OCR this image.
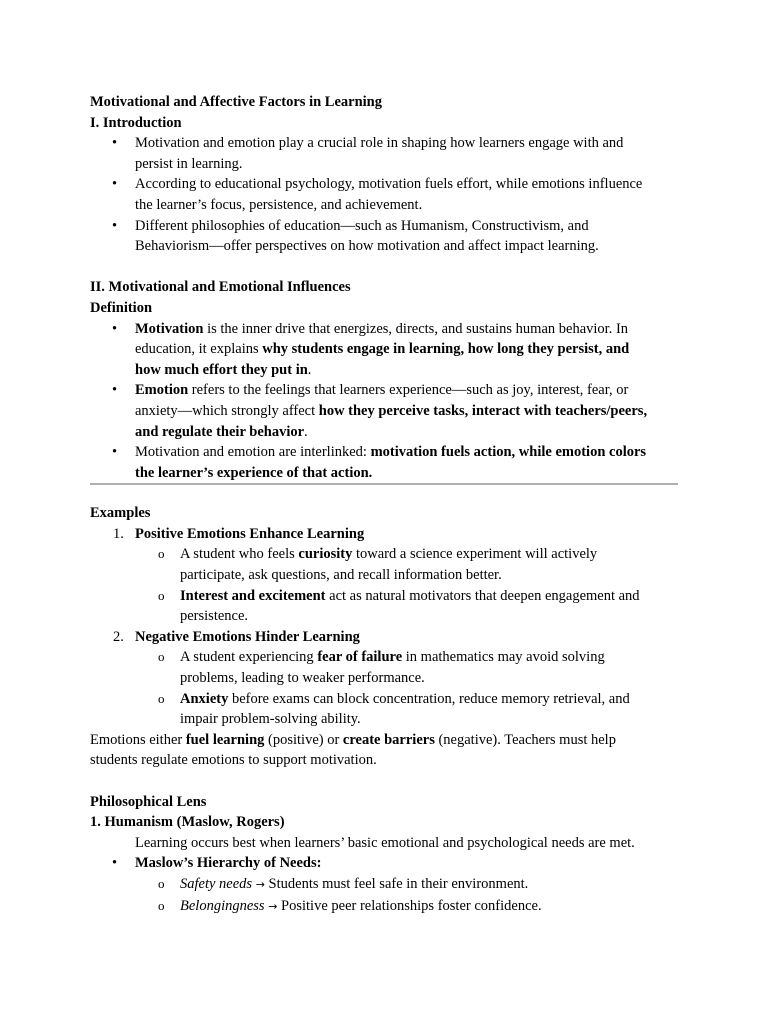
Motivational and Affective Factors in Learning
I. Introduction
•	Motivation and emotion play a crucial role in shaping how learners engage with and
persist in learning.
•	According to educational psychology, motivation fuels effort, while emotions influence
the learner’s focus, persistence, and achievement.
•	Different philosophies of education—such as Humanism, Constructivism, and
Behaviorism—offer perspectives on how motivation and affect impact learning.
II. Motivational and Emotional Influences
Definition
•	Motivation is the inner drive that energizes, directs, and sustains human behavior. In
education, it explains why students engage in learning, how long they persist, and
how much effort they put in.
•	Emotion refers to the feelings that learners experience—such as joy, interest, fear, or
anxiety—which strongly affect how they perceive tasks, interact with teachers/peers,
and regulate their behavior.
•	Motivation and emotion are interlinked: motivation fuels action, while emotion colors
the learner’s experience of that action.
Examples
1. Positive Emotions Enhance Learning
o A student who feels curiosity toward a science experiment will actively
participate, ask questions, and recall information better.
o Interest and excitement act as natural motivators that deepen engagement and
persistence.
2. Negative Emotions Hinder Learning
o A student experiencing fear of failure in mathematics may avoid solving
problems, leading to weaker performance.
o Anxiety before exams can block concentration, reduce memory retrieval, and
impair problem-solving ability.
Emotions either fuel learning (positive) or create barriers (negative). Teachers must help
students regulate emotions to support motivation.
Philosophical Lens
1. Humanism (Maslow, Rogers)
Learning occurs best when learners’ basic emotional and psychological needs are met.
•	Maslow’s Hierarchy of Needs:
o Safety needs → Students must feel safe in their environment.
o Belongingness → Positive peer relationships foster confidence.
